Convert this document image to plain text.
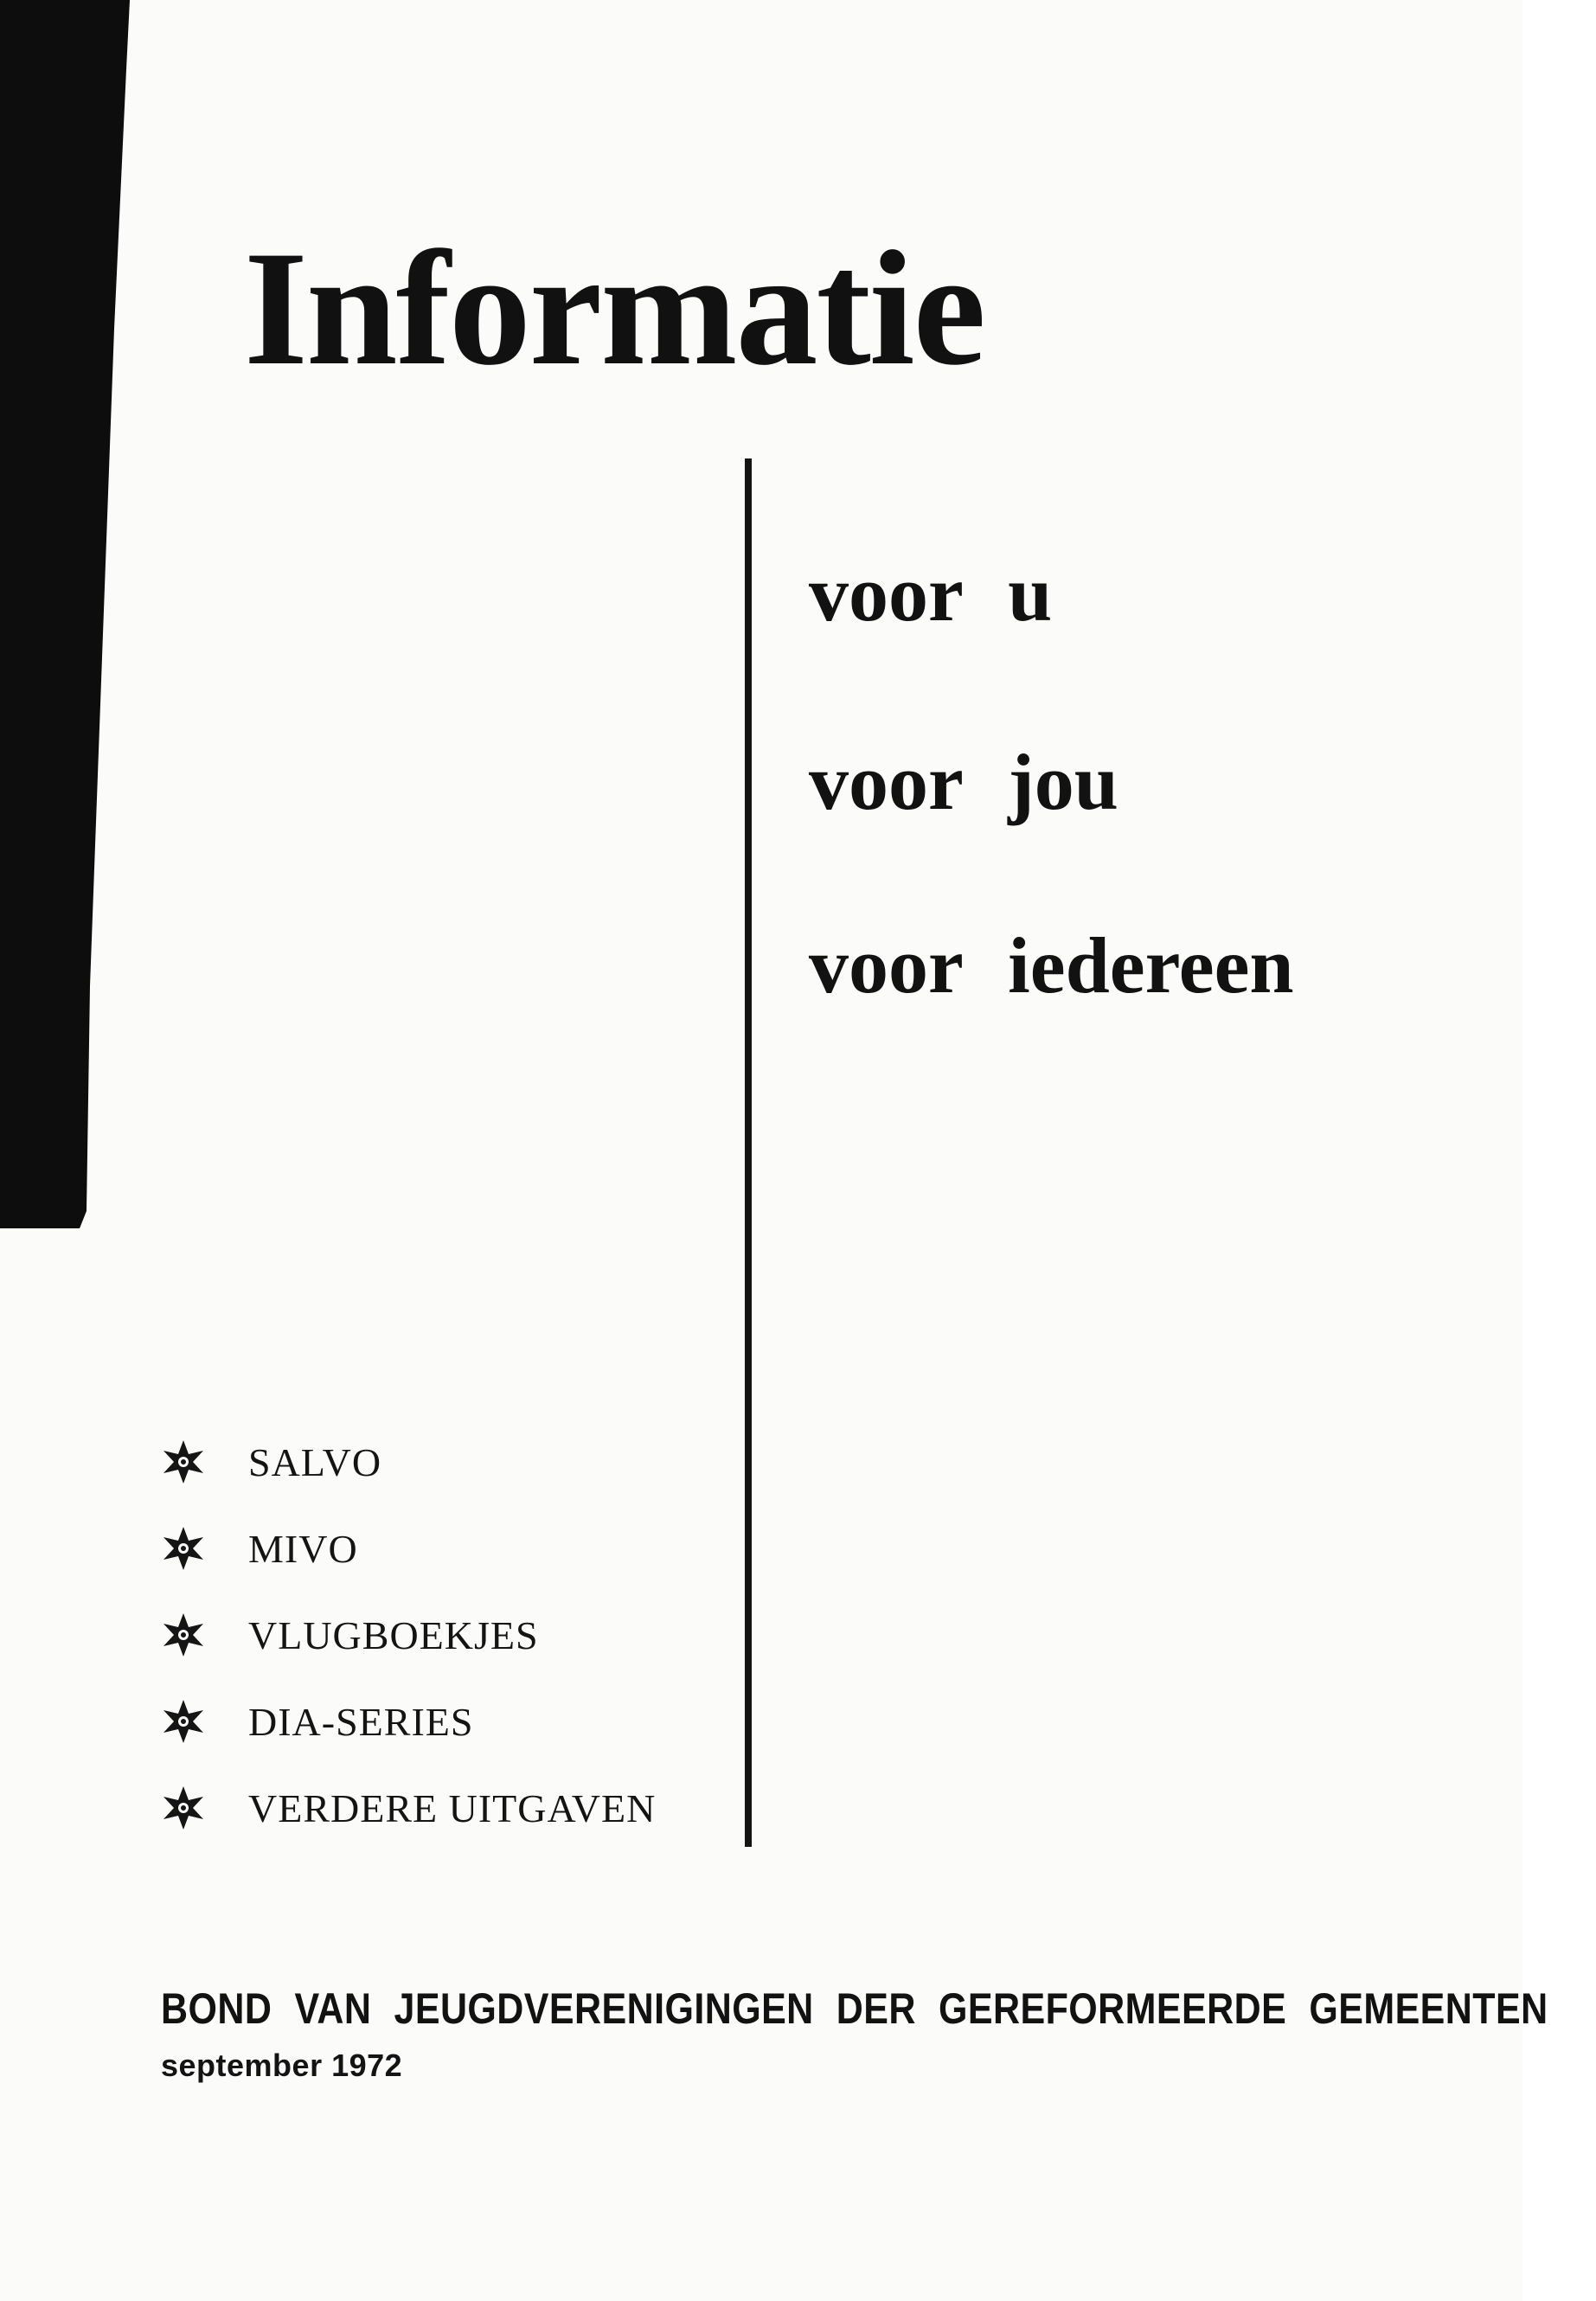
Informatie
voor u
voor jou
voor iedereen
SALVO
MIVO
VLUGBOEKJES
DIA-SERIES
VERDERE UITGAVEN
BOND VAN JEUGDVERENIGINGEN DER GEREFORMEERDE GEMEENTEN
september 1972
